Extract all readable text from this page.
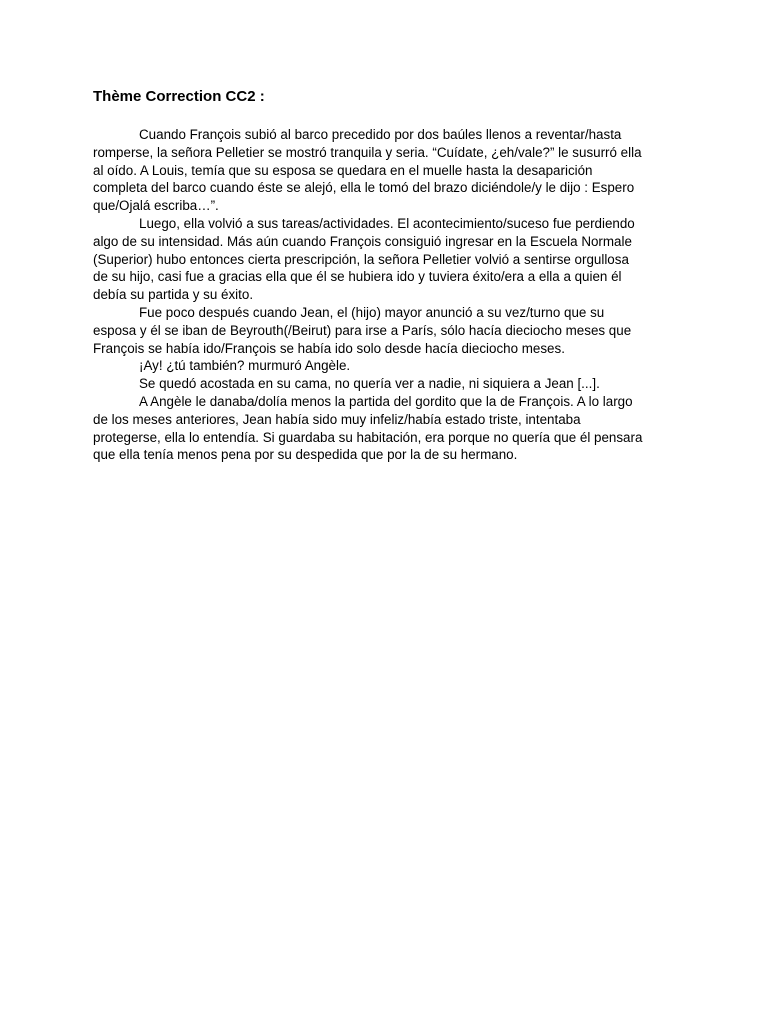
Thème Correction CC2 :
Cuando François subió al barco precedido por dos baúles llenos a reventar/hasta
romperse, la señora Pelletier se mostró tranquila y seria. “Cuídate, ¿eh/vale?” le susurró ella
al oído. A Louis, temía que su esposa se quedara en el muelle hasta la desaparición
completa del barco cuando éste se alejó, ella le tomó del brazo diciéndole/y le dijo : Espero
que/Ojalá escriba…”.
Luego, ella volvió a sus tareas/actividades. El acontecimiento/suceso fue perdiendo
algo de su intensidad. Más aún cuando François consiguió ingresar en la Escuela Normale
(Superior) hubo entonces cierta prescripción, la señora Pelletier volvió a sentirse orgullosa
de su hijo, casi fue a gracias ella que él se hubiera ido y tuviera éxito/era a ella a quien él
debía su partida y su éxito.
Fue poco después cuando Jean, el (hijo) mayor anunció a su vez/turno que su
esposa y él se iban de Beyrouth(/Beirut) para irse a París, sólo hacía dieciocho meses que
François se había ido/François se había ido solo desde hacía dieciocho meses.
¡Ay! ¿tú también? murmuró Angèle.
Se quedó acostada en su cama, no quería ver a nadie, ni siquiera a Jean [...].
A Angèle le danaba/dolía menos la partida del gordito que la de François. A lo largo
de los meses anteriores, Jean había sido muy infeliz/había estado triste, intentaba
protegerse, ella lo entendía. Si guardaba su habitación, era porque no quería que él pensara
que ella tenía menos pena por su despedida que por la de su hermano.
